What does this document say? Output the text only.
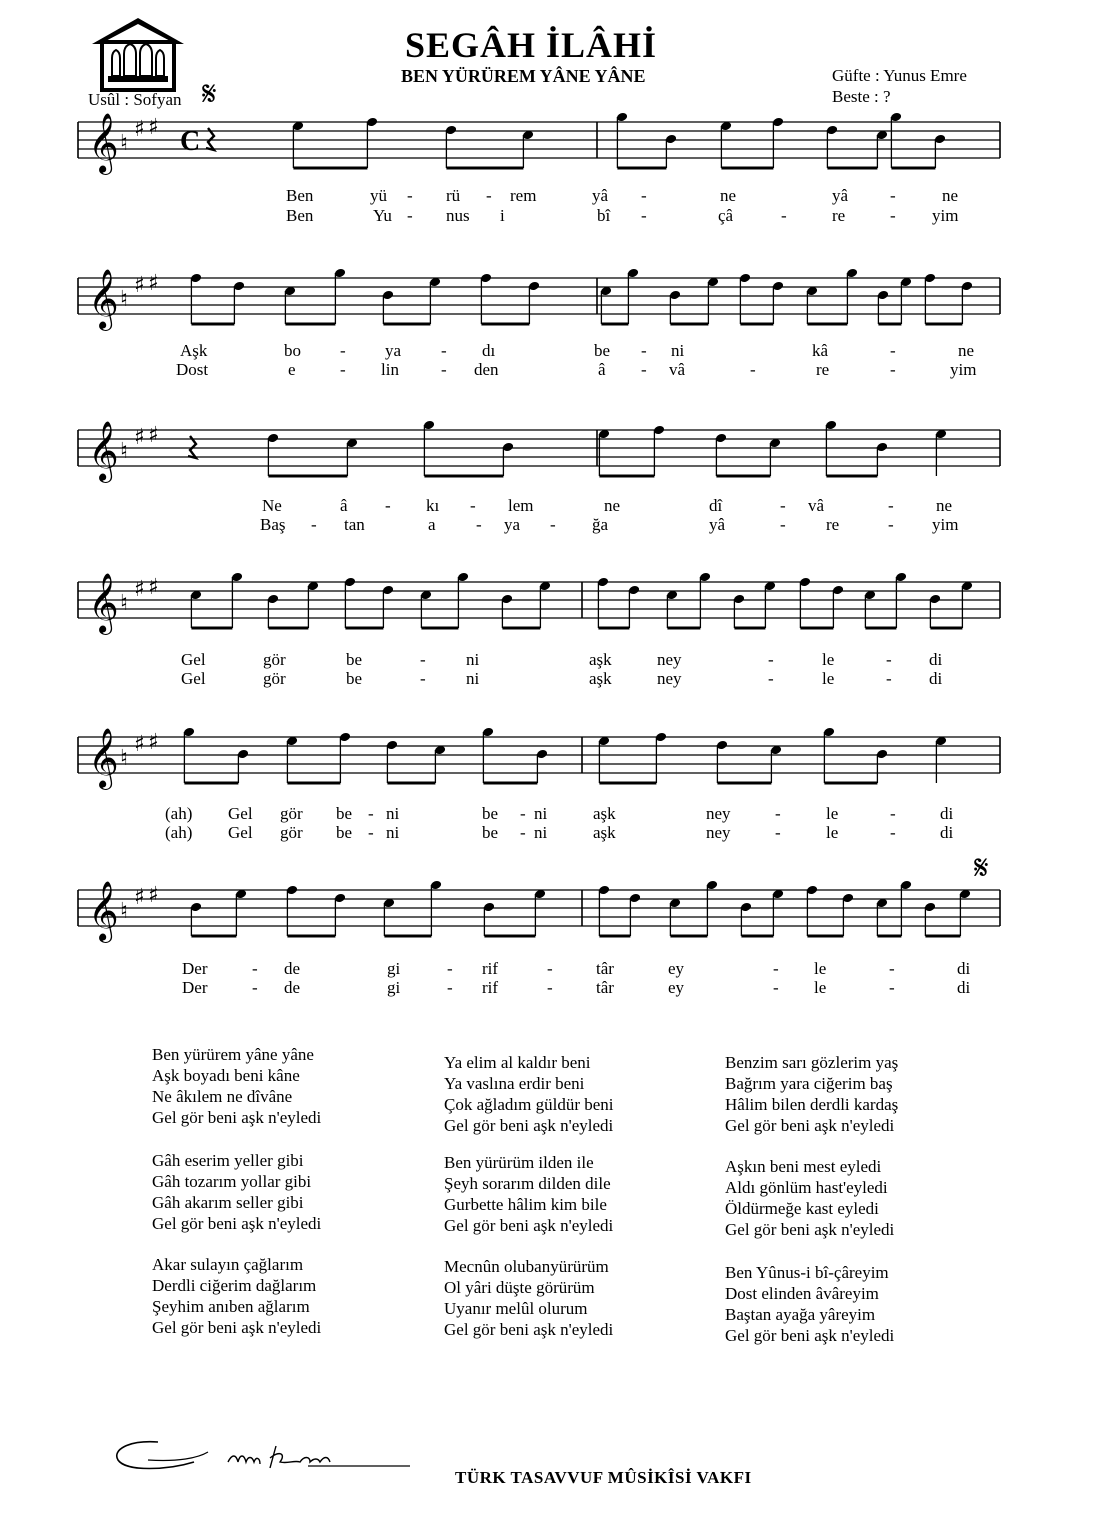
SEGÂH İLÂHİ
BEN YÜRÜREM YÂNE YÂNE	Güfte : Yunus Emre
Beste : ?
Usûl : Sofyan 𝄋
𝄞 ♮
♯ ♯ C
𝄞 ♮
♯ ♯
𝄞 ♮
♯ ♯
𝄞 ♮
♯ ♯
𝄞 ♮
♯ ♯
𝄞 ♮
♯ ♯
𝄋
Ben yürürem yâne yâne
Aşk boyadı beni kâne
Ne âkılem ne dîvâne
Gel gör beni aşk n'eyledi
Gâh eserim yeller gibi
Gâh tozarım yollar gibi
Gâh akarım seller gibi
Gel gör beni aşk n'eyledi
Akar sulayın çağlarım
Derdli ciğerim dağlarım
Şeyhim anıben ağlarım
Gel gör beni aşk n'eyledi
Ya elim al kaldır beni
Ya vaslına erdir beni
Çok ağladım güldür beni
Gel gör beni aşk n'eyledi
Ben yürürüm ilden ile
Şeyh sorarım dilden dile
Gurbette hâlim kim bile
Gel gör beni aşk n'eyledi
Mecnûn olubanyürürüm
Ol yâri düşte görürüm
Uyanır melûl olurum
Gel gör beni aşk n'eyledi
Benzim sarı gözlerim yaş
Bağrım yara ciğerim baş
Hâlim bilen derdli kardaş
Gel gör beni aşk n'eyledi
Aşkın beni mest eyledi
Aldı gönlüm hast'eyledi
Öldürmeğe kast eyledi
Gel gör beni aşk n'eyledi
Ben Yûnus-i bî-çâreyim
Dost elinden âvâreyim
Baştan ayağa yâreyim
Gel gör beni aşk n'eyledi
TÜRK TASAVVUF MÛSİKÎSİ VAKFI
Ben	yü - rü - rem	yâ -	ne	yâ -	ne
Ben	Yu - nus i	bî -	çâ	-	re	- yim
Aşk	bo - ya - dı	be - ni	kâ	-	ne
Dost	e	- lin - den	â - vâ	-	re	-	yim
Ne	â - kı - lem	ne	dî	- vâ	- ne
Baş - tan	a - ya - ğa	yâ	- re	- yim
Gel	gör	be	- ni	aşk	ney	-	le	- di
Gel	gör	be	- ni	aşk	ney	-	le	- di
(ah) Gel gör be - ni	be - ni	aşk	ney	-	le	-	di
(ah) Gel gör be - ni	be - ni	aşk	ney	-	le	-	di
Der	- de	gi	- rif	-	târ	ey	- le	-	di
Der	- de	gi	- rif	-	târ	ey	- le	-	di
